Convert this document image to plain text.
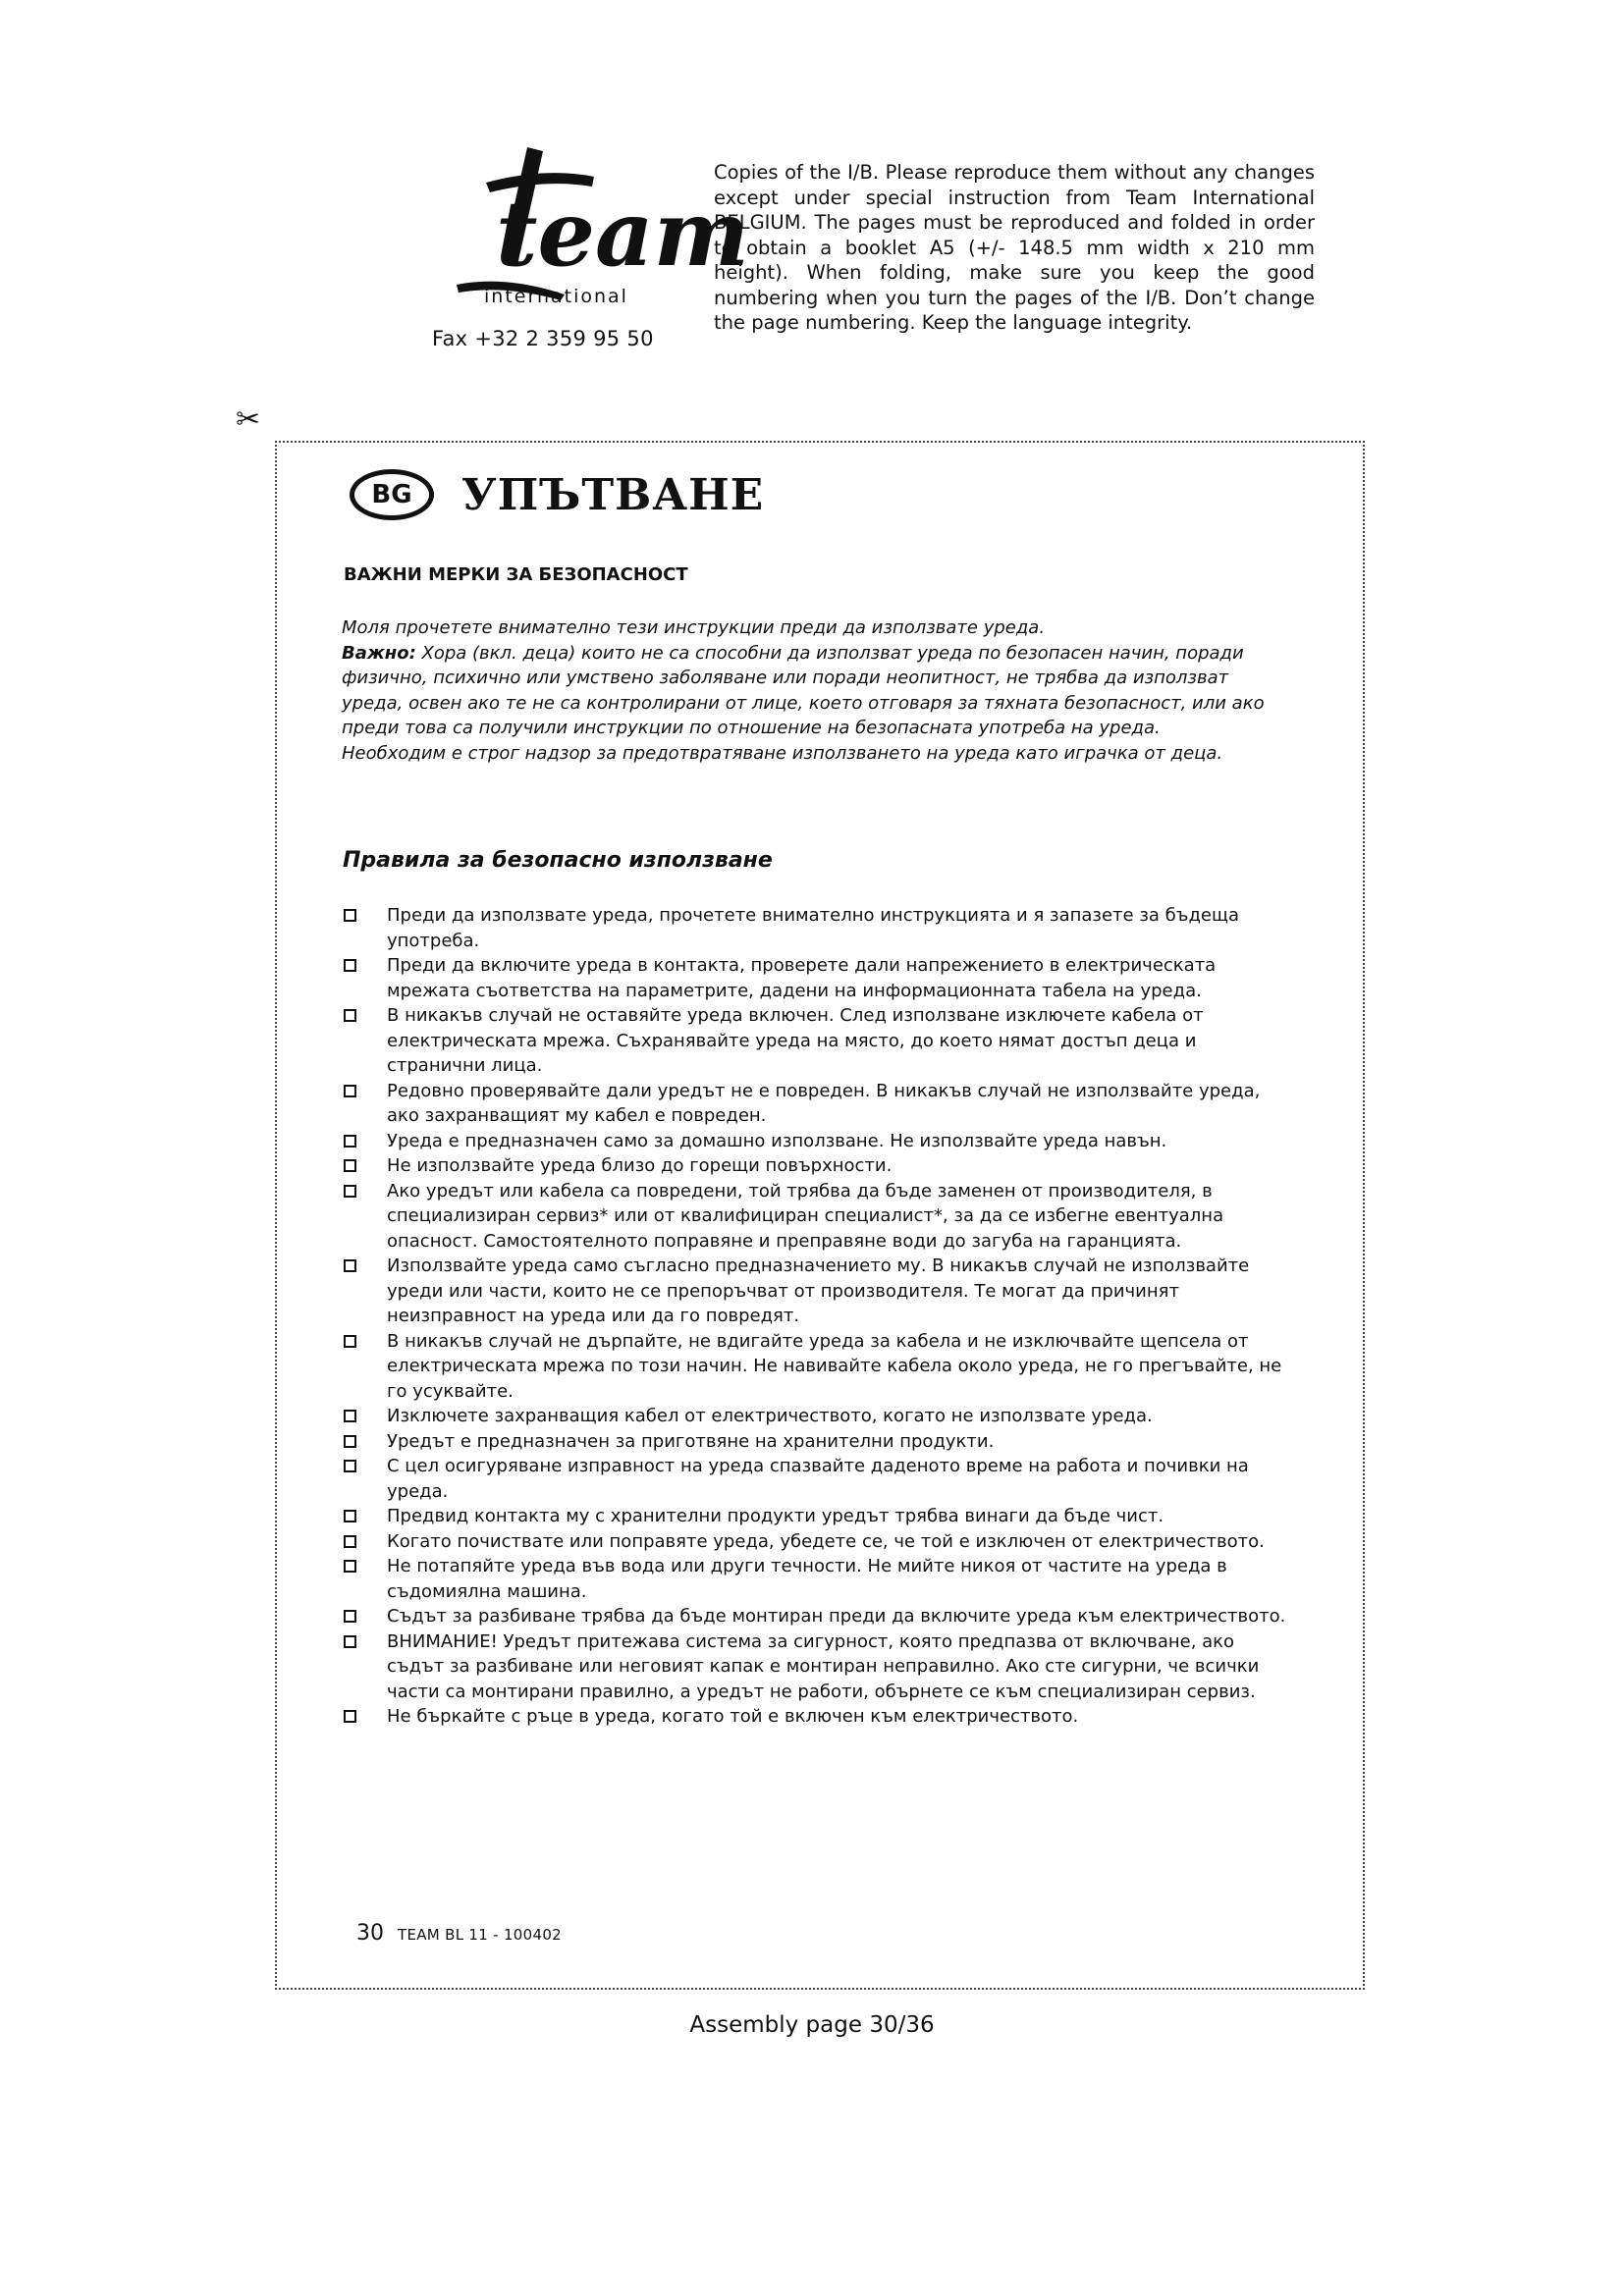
team
international
Fax +32 2 359 95 50
Copies of the I/B. Please reproduce them without any changes except under special instruction from Team International BELGIUM. The pages must be reproduced and folded in order to obtain a booklet A5 (+/- 148.5 mm width x 210 mm height). When folding, make sure you keep the good numbering when you turn the pages of the I/B. Don’t change the page numbering. Keep the language integrity.
✂
BG	УПЪТВАНЕ
ВАЖНИ МЕРКИ ЗА БЕЗОПАСНОСТ

Моля прочетете внимателно тези инструкции преди да използвате уреда.

Важно: Хора (вкл. деца) които не са способни да използват уреда по безопасен начин, поради физично, психично или умствено заболяване или поради неопитност, не трябва да използват уреда, освен ако те не са контролирани от лице, което отговаря за тяхната безопасност, или ако преди това са получили инструкции по отношение на безопасната употреба на уреда.

Необходим е строг надзор за предотвратяване използването на уреда като играчка от деца.

Правила за безопасно използване
Преди да използвате уреда, прочетете внимателно инструкцията и я запазете за бъдеща употреба.
Преди да включите уреда в контакта, проверете дали напрежението в електрическата мрежата съответства на параметрите, дадени на информационната табела на уреда.
В никакъв случай не оставяйте уреда включен. След използване изключете кабела от електрическата мрежа. Съхранявайте уреда на място, до което нямат достъп деца и странични лица.
Редовно проверявайте дали уредът не е повреден. В никакъв случай не използвайте уреда, ако захранващият му кабел е повреден.
Уреда е предназначен само за домашно използване. Не използвайте уреда навън.
Не използвайте уреда близо до горещи повърхности.
Ако уредът или кабела са повредени, той трябва да бъде заменен от производителя, в специализиран сервиз* или от квалифициран специалист*, за да се избегне евентуална опасност. Самостоятелното поправяне и преправяне води до загуба на гаранцията.
Използвайте уреда само съгласно предназначението му. В никакъв случай не използвайте уреди или части, които не се препоръчват от производителя. Те могат да причинят неизправност на уреда или да го повредят.
В никакъв случай не дърпайте, не вдигайте уреда за кабела и не изключвайте щепсела от електрическата мрежа по този начин. Не навивайте кабела около уреда, не го прегъвайте, не го усуквайте.
Изключете захранващия кабел от електричеството, когато не използвате уреда.
Уредът е предназначен за приготвяне на хранителни продукти.
С цел осигуряване изправност на уреда спазвайте даденото време на работа и почивки на уреда.
Предвид контакта му с хранителни продукти уредът трябва винаги да бъде чист.
Когато почиствате или поправяте уреда, убедете се, че той е изключен от електричеството.
Не потапяйте уреда във вода или други течности. Не мийте никоя от частите на уреда в съдомиялна машина.
Съдът за разбиване трябва да бъде монтиран преди да включите уреда към електричеството.
ВНИМАНИЕ! Уредът притежава система за сигурност, която предпазва от включване, ако съдът за разбиване или неговият капак е монтиран неправилно. Ако сте сигурни, че всички части са монтирани правилно, а уредът не работи, обърнете се към специализиран сервиз.
Не бъркайте с ръце в уреда, когато той е включен към електричеството.
30 TEAM BL 11 - 100402
Assembly page 30/36
